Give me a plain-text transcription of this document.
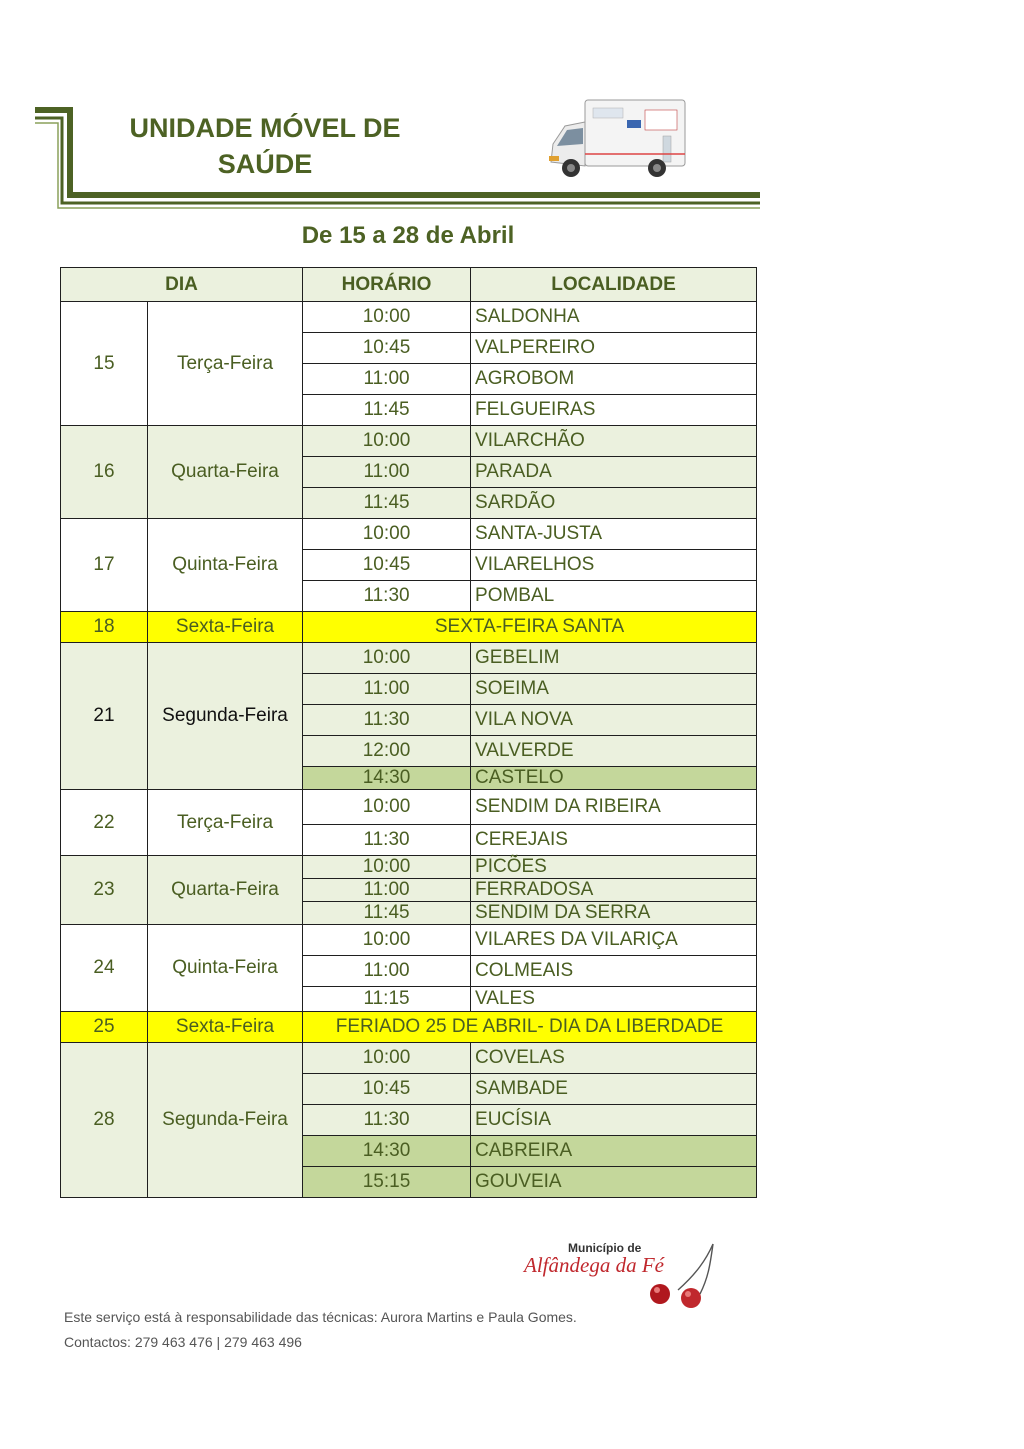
UNIDADE MÓVEL DE
SAÚDE
De 15 a 28 de Abril
DIA		HORÁRIO	LOCALIDADE
15	Terça-Feira	10:00	SALDONHA
		10:45	VALPEREIRO
		11:00	AGROBOM
		11:45	FELGUEIRAS
16	Quarta-Feira	10:00	VILARCHÃO
		11:00	PARADA
		11:45	SARDÃO
17	Quinta-Feira	10:00	SANTA-JUSTA
		10:45	VILARELHOS
		11:30	POMBAL
18	Sexta-Feira	SEXTA-FEIRA SANTA	
21	Segunda-Feira	10:00	GEBELIM
		11:00	SOEIMA
		11:30	VILA NOVA
		12:00	VALVERDE
		14:30	CASTELO
22	Terça-Feira	10:00	SENDIM DA RIBEIRA
		11:30	CEREJAIS
23	Quarta-Feira	10:00	PICÕES
		11:00	FERRADOSA
		11:45	SENDIM DA SERRA
24	Quinta-Feira	10:00	VILARES DA VILARIÇA
		11:00	COLMEAIS
		11:15	VALES
25	Sexta-Feira	FERIADO 25 DE ABRIL- DIA DA LIBERDADE	
28	Segunda-Feira	10:00	COVELAS
		10:45	SAMBADE
		11:30	EUCÍSIA
		14:30	CABREIRA
		15:15	GOUVEIA
Município de
Alfândega da Fé
Este serviço está à responsabilidade das técnicas: Aurora Martins e Paula Gomes.
Contactos: 279 463 476 | 279 463 496
